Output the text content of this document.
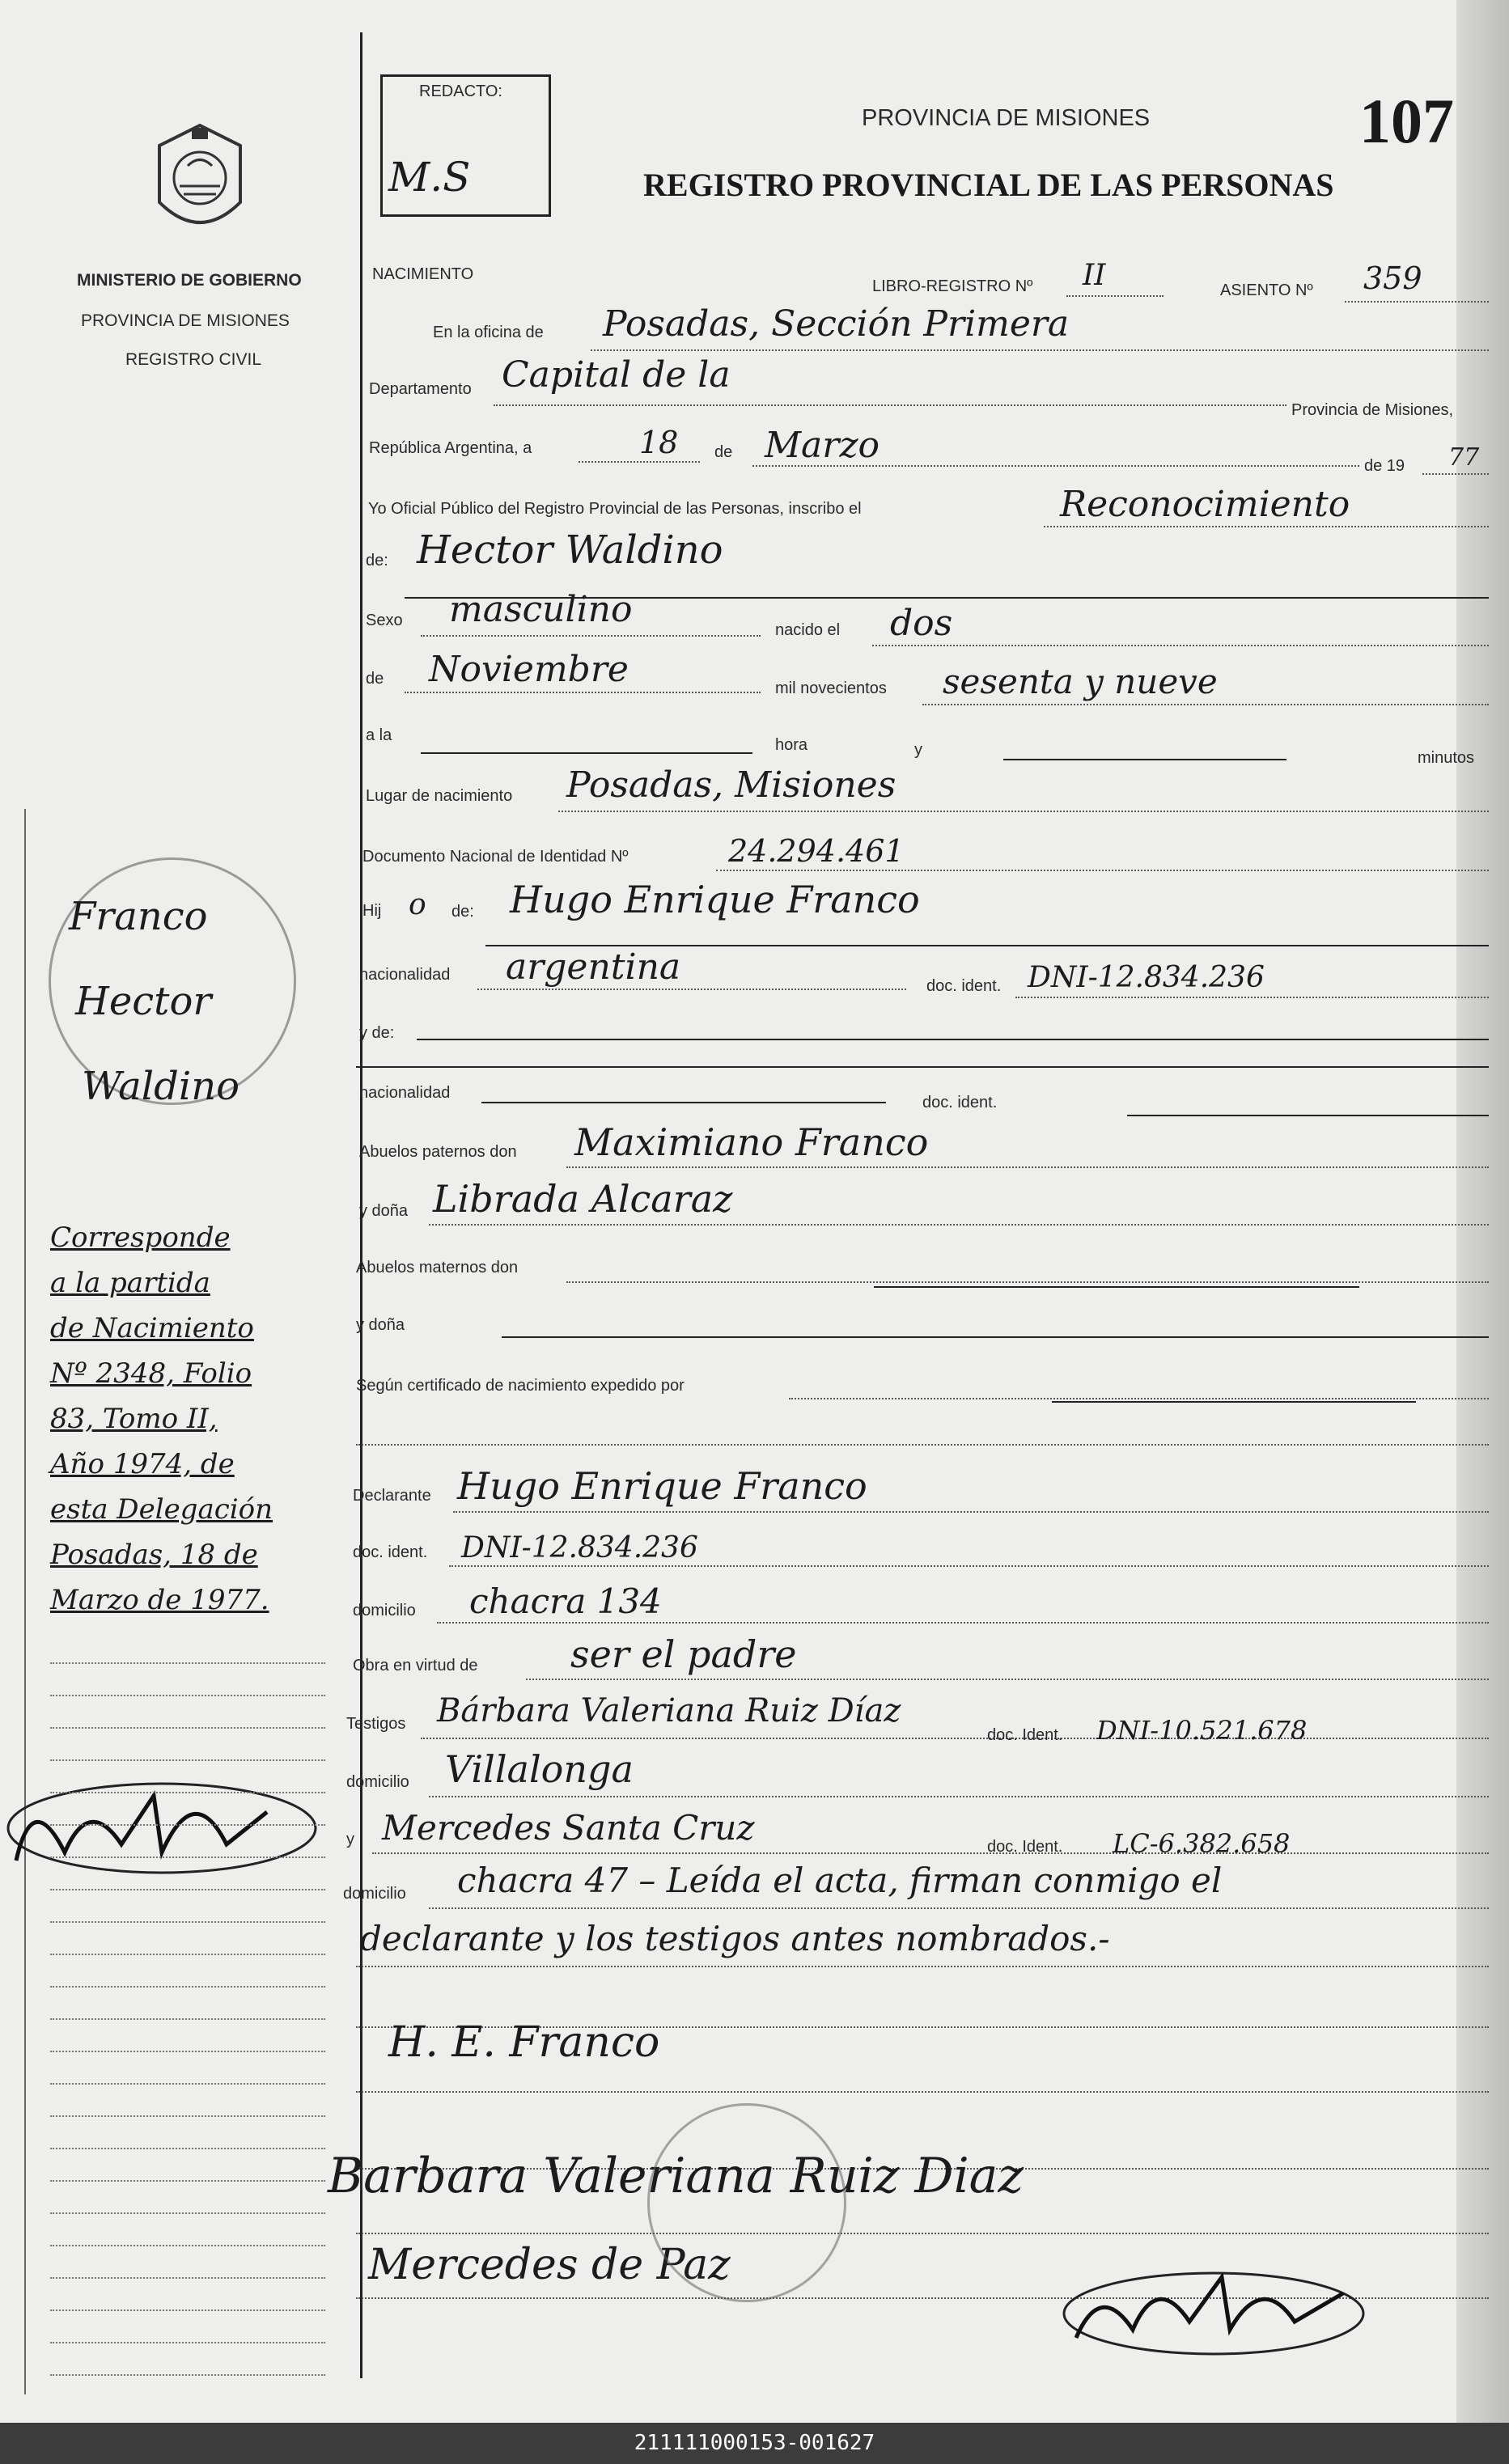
MINISTERIO DE GOBIERNO
PROVINCIA DE MISIONES
REGISTRO CIVIL
REDACTO:
M.S
PROVINCIA DE MISIONES
REGISTRO PROVINCIAL DE LAS PERSONAS
107
NACIMIENTO
LIBRO-REGISTRO Nº II	ASIENTO Nº 359
En la oficina de Posadas, Sección Primera
Departamento Capital de la
Provincia de Misiones,
República Argentina, a	18 de Marzo	de 19 77
Yo Oficial Público del Registro Provincial de las Personas, inscribo el	Reconocimiento
de: Hector Waldino
Sexo masculino	nacido el dos
de Noviembre	mil novecientos sesenta y nueve
a la
hora	y	minutos
Lugar de nacimiento Posadas, Misiones
Documento Nacional de Identidad Nº	24.294.461
Hij o de: Hugo Enrique Franco
nacionalidad argentina	doc. ident. DNI-12.834.236
y de:
nacionalidad
doc. ident.
Abuelos paternos don Maximiano Franco
y doña Librada Alcaraz
Abuelos maternos don
y doña
Según certificado de nacimiento expedido por
Declarante Hugo Enrique Franco
doc. ident. DNI-12.834.236
domicilio chacra 134
Obra en virtud de ser el padre
Testigos Bárbara Valeriana Ruiz Díaz
doc. Ident. DNI-10.521.678
domicilio Villalonga
y Mercedes Santa Cruz	doc. Ident. LC-6.382.658
domicilio chacra 47 – Leída el acta, firman conmigo el
declarante y los testigos antes nombrados.-
H. E. Franco
Barbara Valeriana Ruiz Diaz
Mercedes de Paz
Franco
Hector
Waldino
Corresponde
a la partida
de Nacimiento
Nº 2348, Folio
83, Tomo II,
Año 1974, de
esta Delegación
Posadas, 18 de
Marzo de 1977.
211111000153-001627
